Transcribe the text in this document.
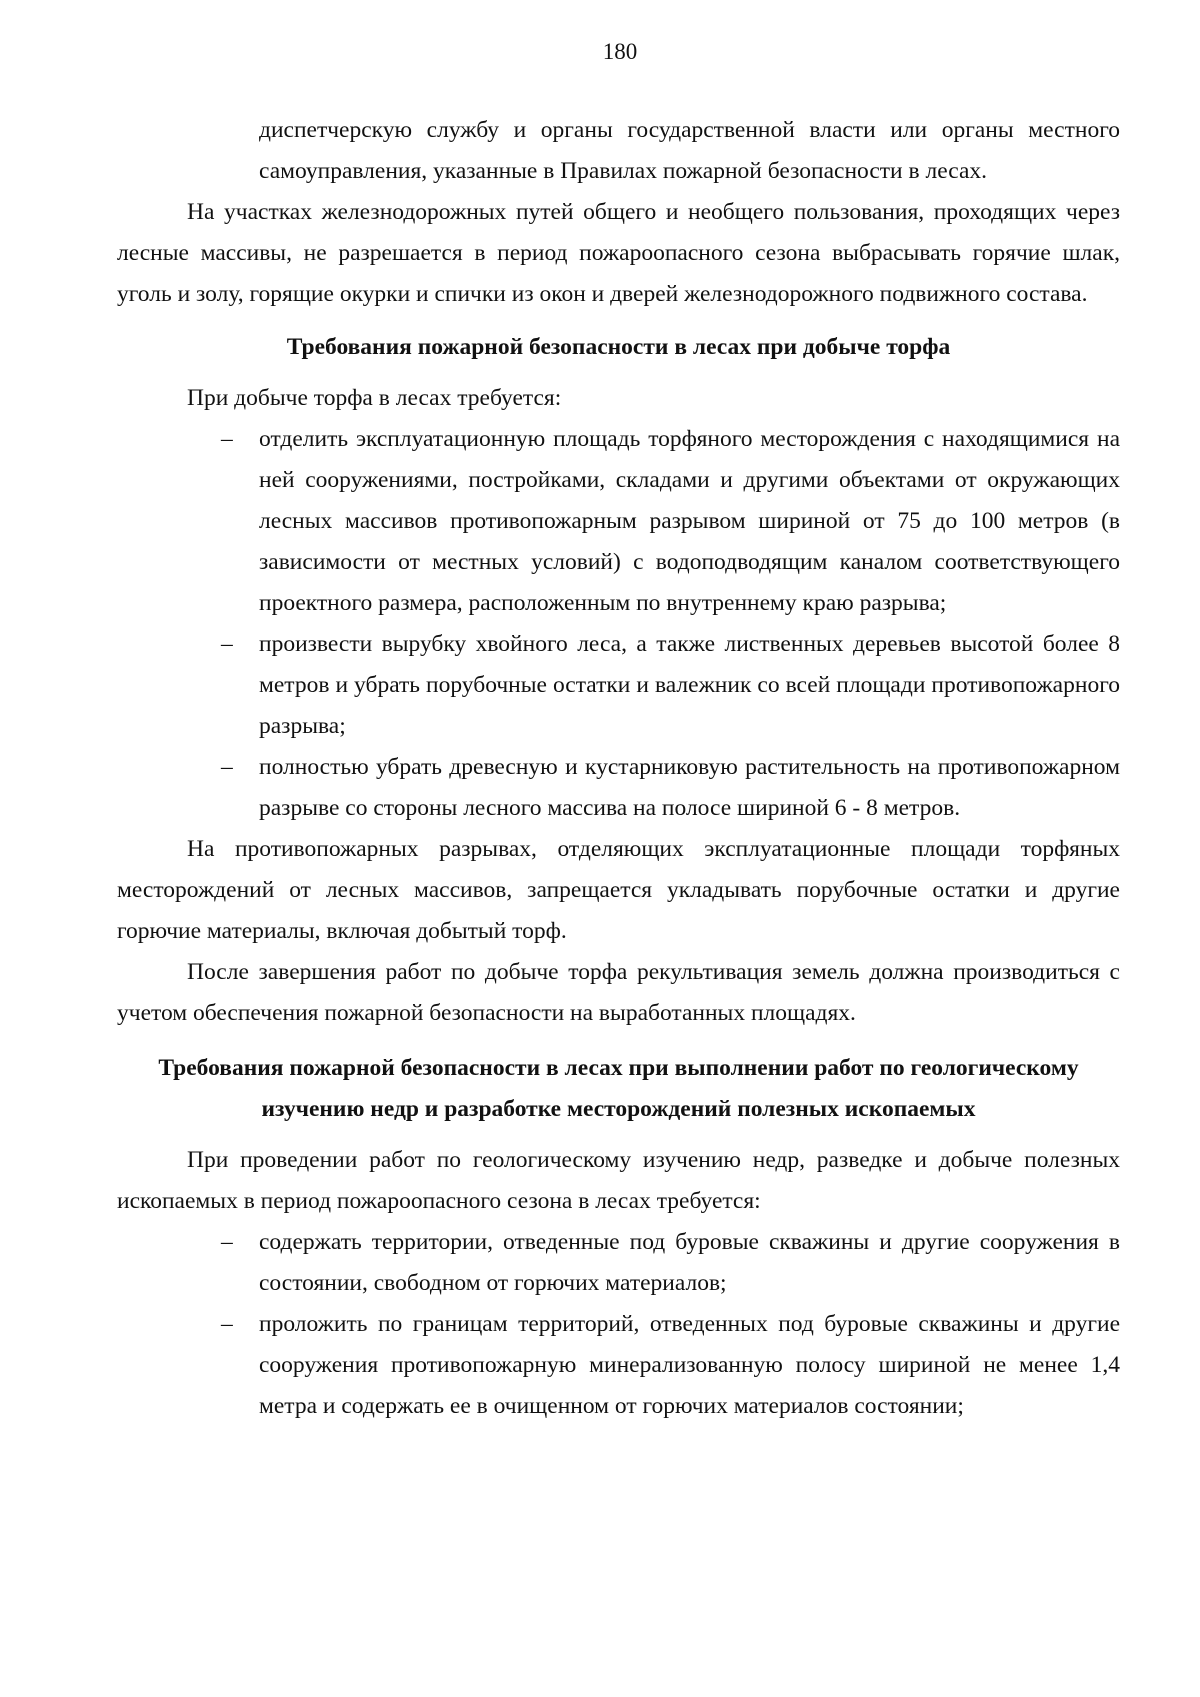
180

диспетчерскую службу и органы государственной власти или органы местного самоуправления, указанные в Правилах пожарной безопасности в лесах.

На участках железнодорожных путей общего и необщего пользования, проходящих через лесные массивы, не разрешается в период пожароопасного сезона выбрасывать горячие шлак, уголь и золу, горящие окурки и спички из окон и дверей железнодорожного подвижного состава.

Требования пожарной безопасности в лесах при добыче торфа

При добыче торфа в лесах требуется:

– отделить эксплуатационную площадь торфяного месторождения с находящимися на ней сооружениями, постройками, складами и другими объектами от окружающих лесных массивов противопожарным разрывом шириной от 75 до 100 метров (в зависимости от местных условий) с водоподводящим каналом соответствующего проектного размера, расположенным по внутреннему краю разрыва;
– произвести вырубку хвойного леса, а также лиственных деревьев высотой более 8 метров и убрать порубочные остатки и валежник со всей площади противопожарного разрыва;
– полностью убрать древесную и кустарниковую растительность на противопожарном разрыве со стороны лесного массива на полосе шириной 6 - 8 метров.

На противопожарных разрывах, отделяющих эксплуатационные площади торфяных месторождений от лесных массивов, запрещается укладывать порубочные остатки и другие горючие материалы, включая добытый торф.

После завершения работ по добыче торфа рекультивация земель должна производиться с учетом обеспечения пожарной безопасности на выработанных площадях.

Требования пожарной безопасности в лесах при выполнении работ по геологическому
изучению недр и разработке месторождений полезных ископаемых

При проведении работ по геологическому изучению недр, разведке и добыче полезных ископаемых в период пожароопасного сезона в лесах требуется:

– содержать территории, отведенные под буровые скважины и другие сооружения в состоянии, свободном от горючих материалов;
– проложить по границам территорий, отведенных под буровые скважины и другие сооружения противопожарную минерализованную полосу шириной не менее 1,4 метра и содержать ее в очищенном от горючих материалов состоянии;
